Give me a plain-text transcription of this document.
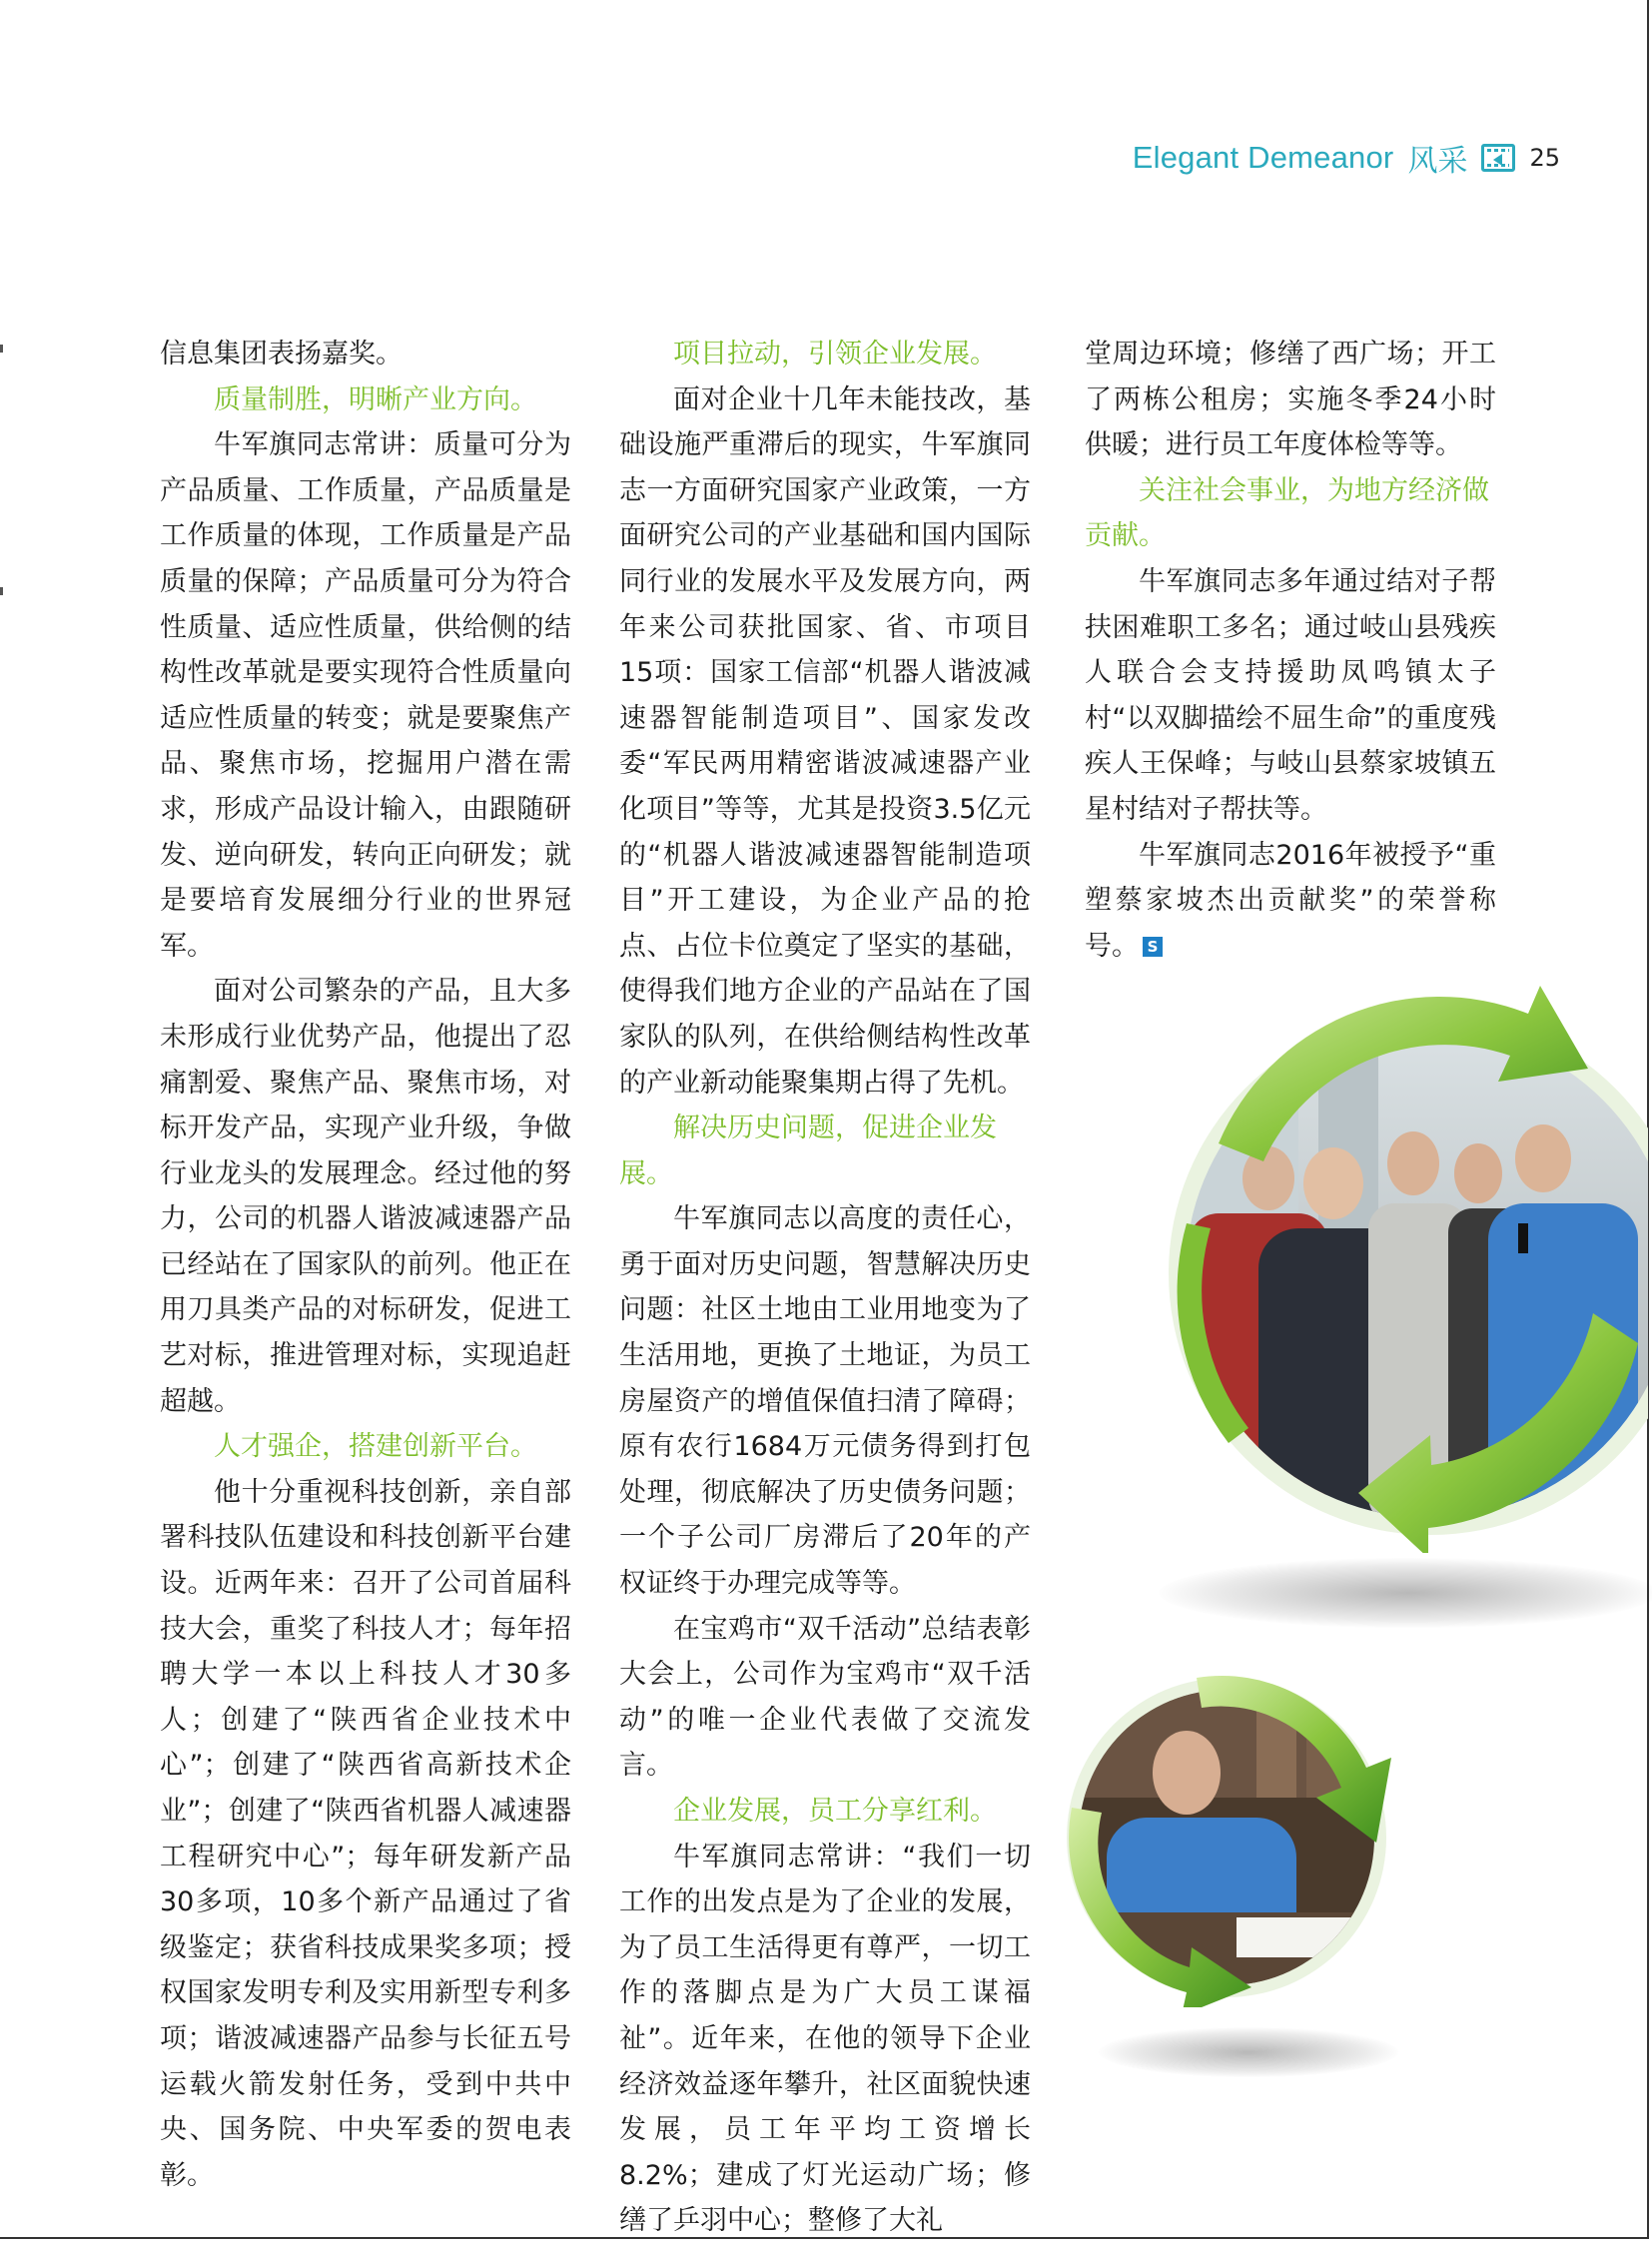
Elegant Demeanor 风采	25

信息集团表扬嘉奖。

质量制胜，明晰产业方向。

牛军旗同志常讲：质量可分为产品质量、工作质量，产品质量是工作质量的体现，工作质量是产品质量的保障；产品质量可分为符合性质量、适应性质量，供给侧的结构性改革就是要实现符合性质量向适应性质量的转变；就是要聚焦产品、聚焦市场，挖掘用户潜在需求，形成产品设计输入，由跟随研发、逆向研发，转向正向研发；就是要培育发展细分行业的世界冠军。

面对公司繁杂的产品，且大多未形成行业优势产品，他提出了忍痛割爱、聚焦产品、聚焦市场，对标开发产品，实现产业升级，争做行业龙头的发展理念。经过他的努力，公司的机器人谐波减速器产品已经站在了国家队的前列。他正在用刀具类产品的对标研发，促进工艺对标，推进管理对标，实现追赶超越。

人才强企，搭建创新平台。

他十分重视科技创新，亲自部署科技队伍建设和科技创新平台建设。近两年来：召开了公司首届科技大会，重奖了科技人才；每年招聘大学一本以上科技人才30多人；创建了“陕西省企业技术中心”；创建了“陕西省高新技术企业”；创建了“陕西省机器人减速器工程研究中心”；每年研发新产品30多项，10多个新产品通过了省级鉴定；获省科技成果奖多项；授权国家发明专利及实用新型专利多项；谐波减速器产品参与长征五号运载火箭发射任务，受到中共中央、国务院、中央军委的贺电表彰。

项目拉动，引领企业发展。

面对企业十几年未能技改，基础设施严重滞后的现实，牛军旗同志一方面研究国家产业政策，一方面研究公司的产业基础和国内国际同行业的发展水平及发展方向，两年来公司获批国家、省、市项目15项：国家工信部“机器人谐波减速器智能制造项目”、国家发改委“军民两用精密谐波减速器产业化项目”等等，尤其是投资3.5亿元的“机器人谐波减速器智能制造项目”开工建设，为企业产品的抢点、占位卡位奠定了坚实的基础，使得我们地方企业的产品站在了国家队的队列，在供给侧结构性改革的产业新动能聚集期占得了先机。

解决历史问题，促进企业发展。

牛军旗同志以高度的责任心，勇于面对历史问题，智慧解决历史问题：社区土地由工业用地变为了生活用地，更换了土地证，为员工房屋资产的增值保值扫清了障碍；原有农行1684万元债务得到打包处理，彻底解决了历史债务问题；一个子公司厂房滞后了20年的产权证终于办理完成等等。

在宝鸡市“双千活动”总结表彰大会上，公司作为宝鸡市“双千活动”的唯一企业代表做了交流发言。

企业发展，员工分享红利。

牛军旗同志常讲：“我们一切工作的出发点是为了企业的发展，为了员工生活得更有尊严，一切工作的落脚点是为广大员工谋福祉”。近年来，在他的领导下企业经济效益逐年攀升，社区面貌快速发展，员工年平均工资增长8.2%；建成了灯光运动广场；修缮了乒羽中心；整修了大礼

堂周边环境；修缮了西广场；开工了两栋公租房；实施冬季24小时供暖；进行员工年度体检等等。

关注社会事业，为地方经济做贡献。

牛军旗同志多年通过结对子帮扶困难职工多名；通过岐山县残疾人联合会支持援助凤鸣镇太子村“以双脚描绘不屈生命”的重度残疾人王保峰；与岐山县蔡家坡镇五星村结对子帮扶等。

牛军旗同志2016年被授予“重塑蔡家坡杰出贡献奖”的荣誉称号。 S
